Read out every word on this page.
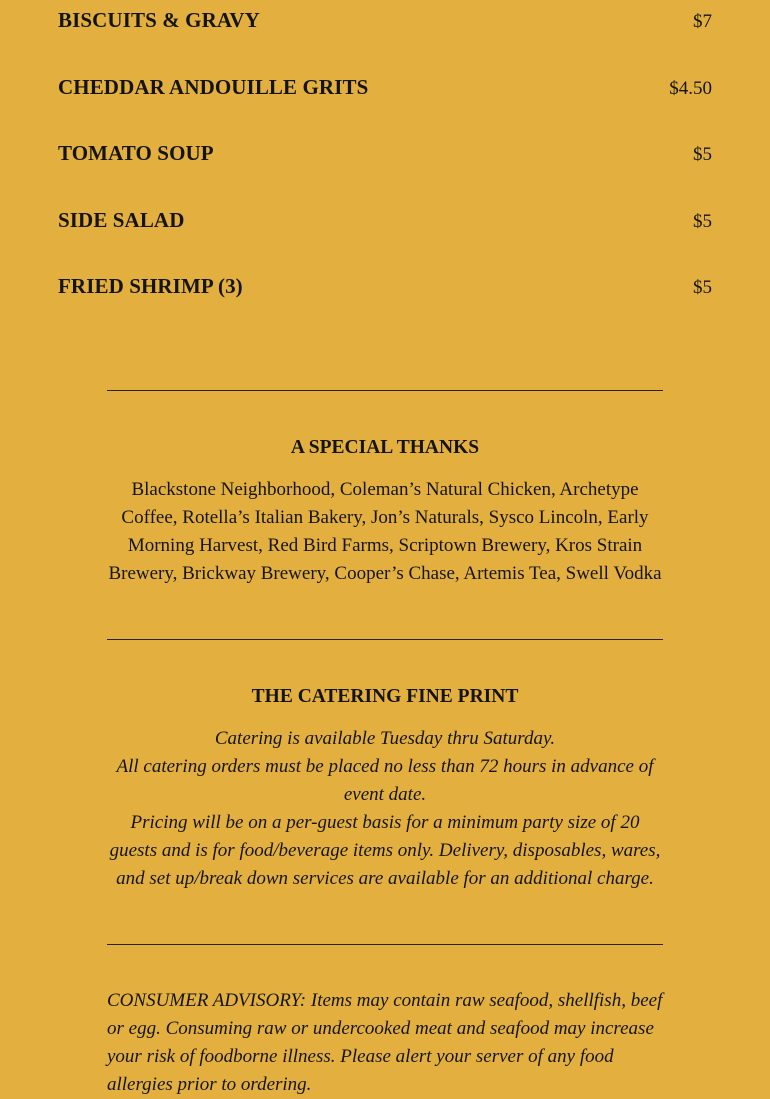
BISCUITS & GRAVY	$7
CHEDDAR ANDOUILLE GRITS	$4.50
TOMATO SOUP	$5
SIDE SALAD	$5
FRIED SHRIMP (3)	$5
A SPECIAL THANKS

Blackstone Neighborhood, Coleman’s Natural Chicken, Archetype Coffee, Rotella’s Italian Bakery, Jon’s Naturals, Sysco Lincoln, Early Morning Harvest, Red Bird Farms, Scriptown Brewery, Kros Strain Brewery, Brickway Brewery, Cooper’s Chase, Artemis Tea, Swell Vodka

THE CATERING FINE PRINT

Catering is available Tuesday thru Saturday.

All catering orders must be placed no less than 72 hours in advance of event date.

Pricing will be on a per-guest basis for a minimum party size of 20 guests and is for food/beverage items only. Delivery, disposables, wares, and set up/break down services are available for an additional charge.

CONSUMER ADVISORY: Items may contain raw seafood, shellfish, beef or egg. Consuming raw or undercooked meat and seafood may increase your risk of foodborne illness. Please alert your server of any food allergies prior to ordering.
